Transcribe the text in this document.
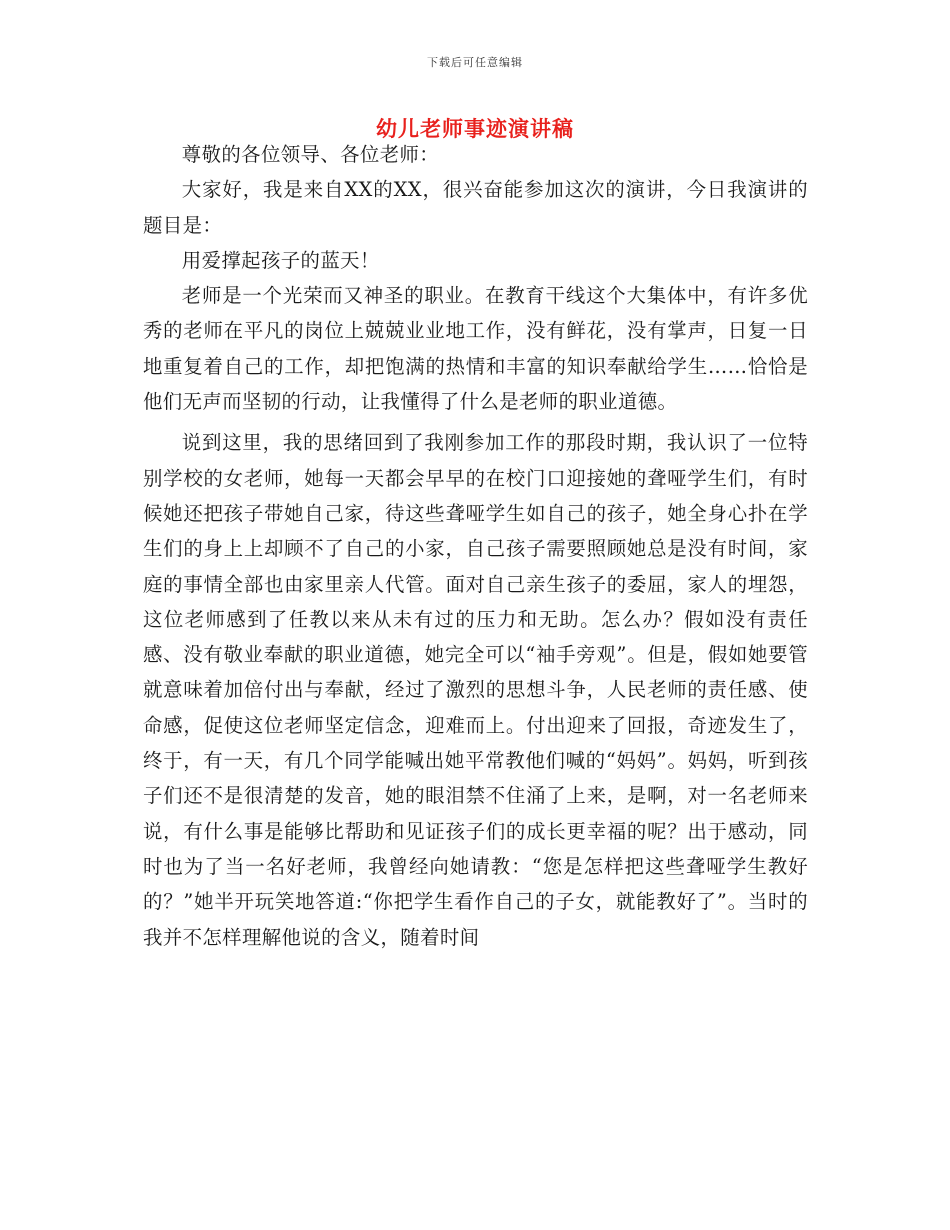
下载后可任意编辑
幼儿老师事迹演讲稿

尊敬的各位领导、各位老师：

大家好，我是来自XX的XX，很兴奋能参加这次的演讲，今日我演讲的题目是：

用爱撑起孩子的蓝天！

老师是一个光荣而又神圣的职业。在教育干线这个大集体中，有许多优秀的老师在平凡的岗位上兢兢业业地工作，没有鲜花，没有掌声，日复一日地重复着自己的工作，却把饱满的热情和丰富的知识奉献给学生……恰恰是他们无声而坚韧的行动，让我懂得了什么是老师的职业道德。

说到这里，我的思绪回到了我刚参加工作的那段时期，我认识了一位特别学校的女老师，她每一天都会早早的在校门口迎接她的聋哑学生们，有时候她还把孩子带她自己家，待这些聋哑学生如自己的孩子，她全身心扑在学生们的身上上却顾不了自己的小家，自己孩子需要照顾她总是没有时间，家庭的事情全部也由家里亲人代管。面对自己亲生孩子的委屈，家人的埋怨，这位老师感到了任教以来从未有过的压力和无助。怎么办？假如没有责任感、没有敬业奉献的职业道德，她完全可以“袖手旁观”。但是，假如她要管就意味着加倍付出与奉献，经过了激烈的思想斗争，人民老师的责任感、使命感，促使这位老师坚定信念，迎难而上。付出迎来了回报，奇迹发生了，终于，有一天，有几个同学能喊出她平常教他们喊的“妈妈”。妈妈，听到孩子们还不是很清楚的发音，她的眼泪禁不住涌了上来，是啊，对一名老师来说，有什么事是能够比帮助和见证孩子们的成长更幸福的呢？出于感动，同时也为了当一名好老师，我曾经向她请教：“您是怎样把这些聋哑学生教好的？”她半开玩笑地答道:“你把学生看作自己的子女，就能教好了”。当时的我并不怎样理解他说的含义，随着时间
